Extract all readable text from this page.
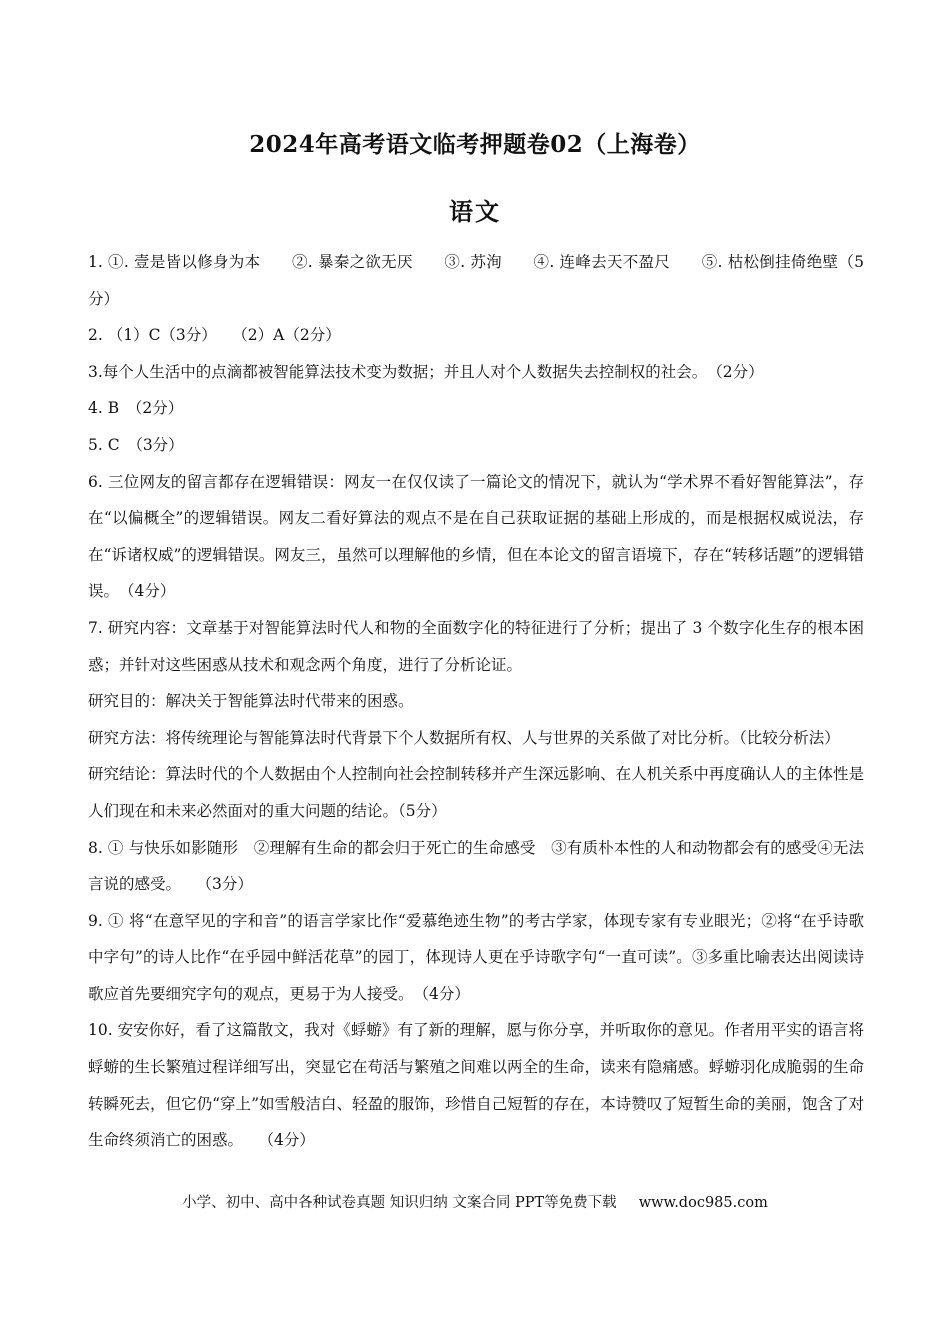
2024年高考语文临考押题卷02（上海卷）
语文

1. ①. 壹是皆以修身为本　　②. 暴秦之欲无厌　　③. 苏洵　　④. 连峰去天不盈尺　　⑤. 枯松倒挂倚绝壁（5分）

2. （1）C（3分）　　（2）A（2分）

3.每个人生活中的点滴都被智能算法技术变为数据；并且人对个人数据失去控制权的社会。　（2分）

4. B　（2分）

5. C　（3分）

6. 三位网友的留言都存在逻辑错误：网友一在仅仅读了一篇论文的情况下，就认为“学术界不看好智能算法”，存在“以偏概全”的逻辑错误。网友二看好算法的观点不是在自己获取证据的基础上形成的，而是根据权威说法，存在“诉诸权威”的逻辑错误。网友三，虽然可以理解他的乡情，但在本论文的留言语境下，存在“转移话题”的逻辑错误。　（4分）

7. 研究内容：文章基于对智能算法时代人和物的全面数字化的特征进行了分析；提出了 3 个数字化生存的根本困惑；并针对这些困惑从技术和观念两个角度，进行了分析论证。

研究目的：解决关于智能算法时代带来的困惑。

研究方法：将传统理论与智能算法时代背景下个人数据所有权、人与世界的关系做了对比分析。（比较分析法）

研究结论：算法时代的个人数据由个人控制向社会控制转移并产生深远影响、在人机关系中再度确认人的主体性是人们现在和未来必然面对的重大问题的结论。（5分）

8. ① 与快乐如影随形　②理解有生命的都会归于死亡的生命感受　③有质朴本性的人和动物都会有的感受④无法言说的感受。　　（3分）

9. ① 将“在意罕见的字和音”的语言学家比作“爱慕绝迹生物”的考古学家，体现专家有专业眼光；②将“在乎诗歌中字句”的诗人比作“在乎园中鲜活花草”的园丁，体现诗人更在乎诗歌字句“一直可读”。③多重比喻表达出阅读诗歌应首先要细究字句的观点，更易于为人接受。　（4分）

10. 安安你好，看了这篇散文，我对《蜉蝣》有了新的理解，愿与你分享，并听取你的意见。作者用平实的语言将蜉蝣的生长繁殖过程详细写出，突显它在苟活与繁殖之间难以两全的生命，读来有隐痛感。蜉蝣羽化成脆弱的生命转瞬死去，但它仍“穿上”如雪般洁白、轻盈的服饰，珍惜自己短暂的存在，本诗赞叹了短暂生命的美丽，饱含了对生命终须消亡的困惑。　　（4分）

小学、初中、高中各种试卷真题 知识归纳 文案合同 PPT等免费下载 www.doc985.com
